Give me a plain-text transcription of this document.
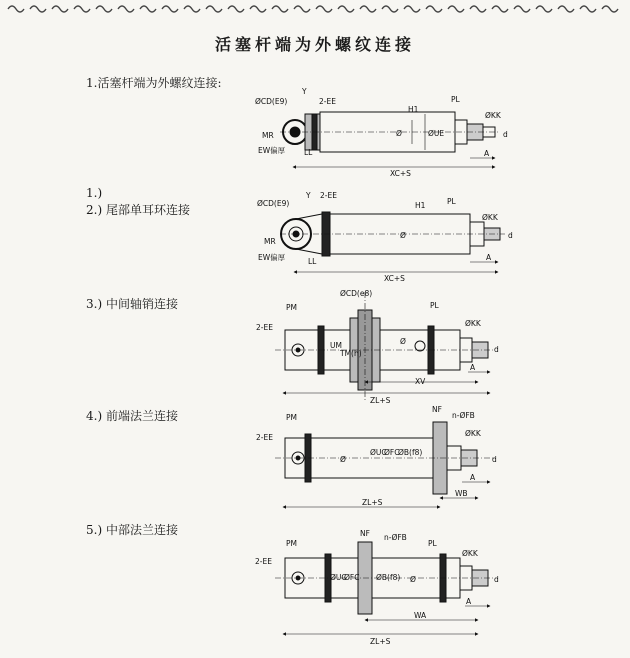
活塞杆端为外螺纹连接
1.活塞杆端为外螺纹连接:
1.)
2.) 尾部单耳环连接
3.) 中间轴销连接
4.) 前端法兰连接
5.) 中部法兰连接
ØCD(E9)	2-EE
Y
MR
EW偏厚	LL
XC+S
ØKK
d
A
PL
H1
Ø	ØUE
ØCD(E9)
2-EE
Y
MR
EW偏厚	LL
XC+S
ØKK
d
A
PL
H1
Ø
ØCD(e8)
2-EE
PM
UM
TM(h)
XV
ZL+S
ØKK
d
A
PL
Ø
2-EE
PM
NF
n-ØFB
ØKK
d
A
WB
ZL+S
ØUC
ØFC
ØB(f8)
Ø
2-EE
PM
NF n-ØFB
PL
ØKK
d
A
WA
ZL+S
ØUC
ØFC ØB(f8) Ø
